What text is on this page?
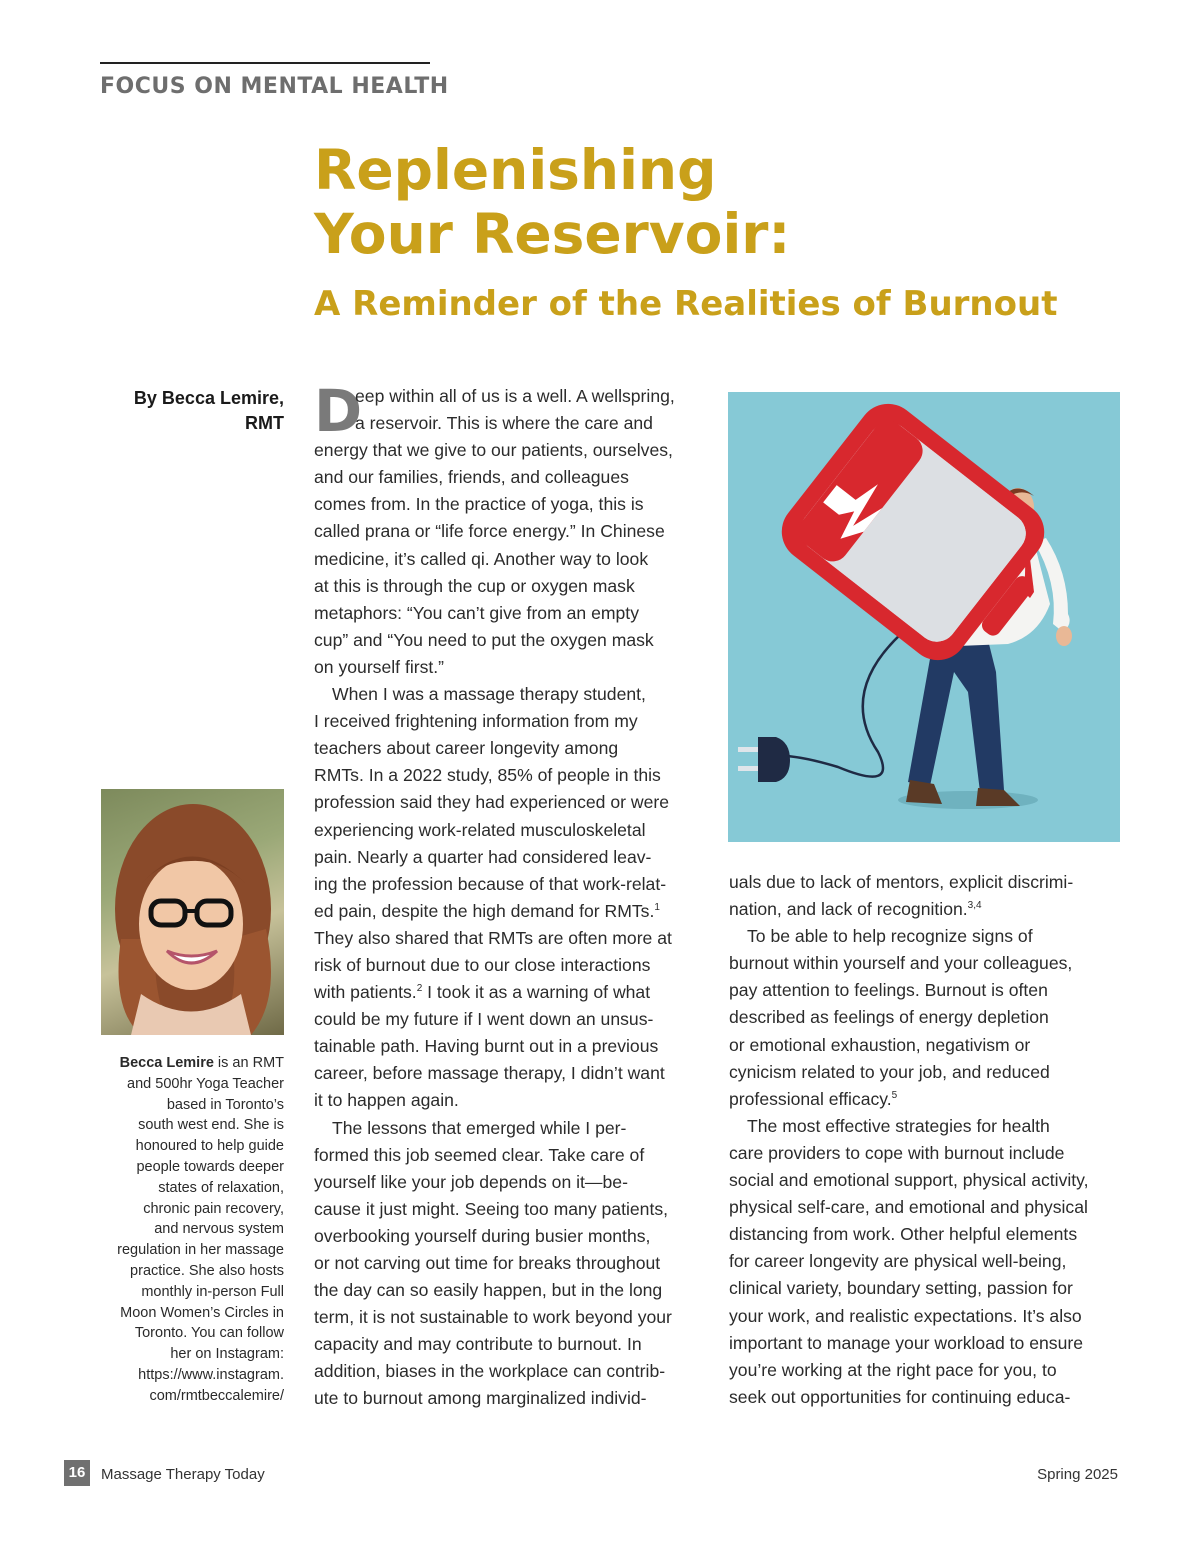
FOCUS ON MENTAL HEALTH
Replenishing
Your Reservoir:
A Reminder of the Realities of Burnout
By Becca Lemire,
RMT
Becca Lemire is an RMT
and 500hr Yoga Teacher
based in Toronto’s
south west end. She is
honoured to help guide
people towards deeper
states of relaxation,
chronic pain recovery,
and nervous system
regulation in her massage
practice. She also hosts
monthly in-person Full
Moon Women’s Circles in
Toronto. You can follow
her on Instagram:
https://www.instagram.
com/rmtbeccalemire/
D
eep within all of us is a well. A wellspring,
a reservoir. This is where the care and
energy that we give to our patients, ourselves,
and our families, friends, and colleagues
comes from. In the practice of yoga, this is
called prana or “life force energy.” In Chinese
medicine, it’s called qi. Another way to look
at this is through the cup or oxygen mask
metaphors: “You can’t give from an empty
cup” and “You need to put the oxygen mask
on yourself first.”
When I was a massage therapy student,
I received frightening information from my
teachers about career longevity among
RMTs. In a 2022 study, 85% of people in this
profession said they had experienced or were
experiencing work-related musculoskeletal
pain. Nearly a quarter had considered leav-
ing the profession because of that work-relat-
ed pain, despite the high demand for RMTs.$^1$
They also shared that RMTs are often more at
risk of burnout due to our close interactions
with patients.$^2$ I took it as a warning of what
could be my future if I went down an unsus-
tainable path. Having burnt out in a previous
career, before massage therapy, I didn’t want
it to happen again.
The lessons that emerged while I per-
formed this job seemed clear. Take care of
yourself like your job depends on it—be-
cause it just might. Seeing too many patients,
overbooking yourself during busier months,
or not carving out time for breaks throughout
the day can so easily happen, but in the long
term, it is not sustainable to work beyond your
capacity and may contribute to burnout. In
addition, biases in the workplace can contrib-
ute to burnout among marginalized individ-
uals due to lack of mentors, explicit discrimi-
nation, and lack of recognition.$^{3,4}$
To be able to help recognize signs of
burnout within yourself and your colleagues,
pay attention to feelings. Burnout is often
described as feelings of energy depletion
or emotional exhaustion, negativism or
cynicism related to your job, and reduced
professional efficacy.$^5$
The most effective strategies for health
care providers to cope with burnout include
social and emotional support, physical activity,
physical self-care, and emotional and physical
distancing from work. Other helpful elements
for career longevity are physical well-being,
clinical variety, boundary setting, passion for
your work, and realistic expectations. It’s also
important to manage your workload to ensure
you’re working at the right pace for you, to
seek out opportunities for continuing educa-
16	Massage Therapy Today	Spring 2025
